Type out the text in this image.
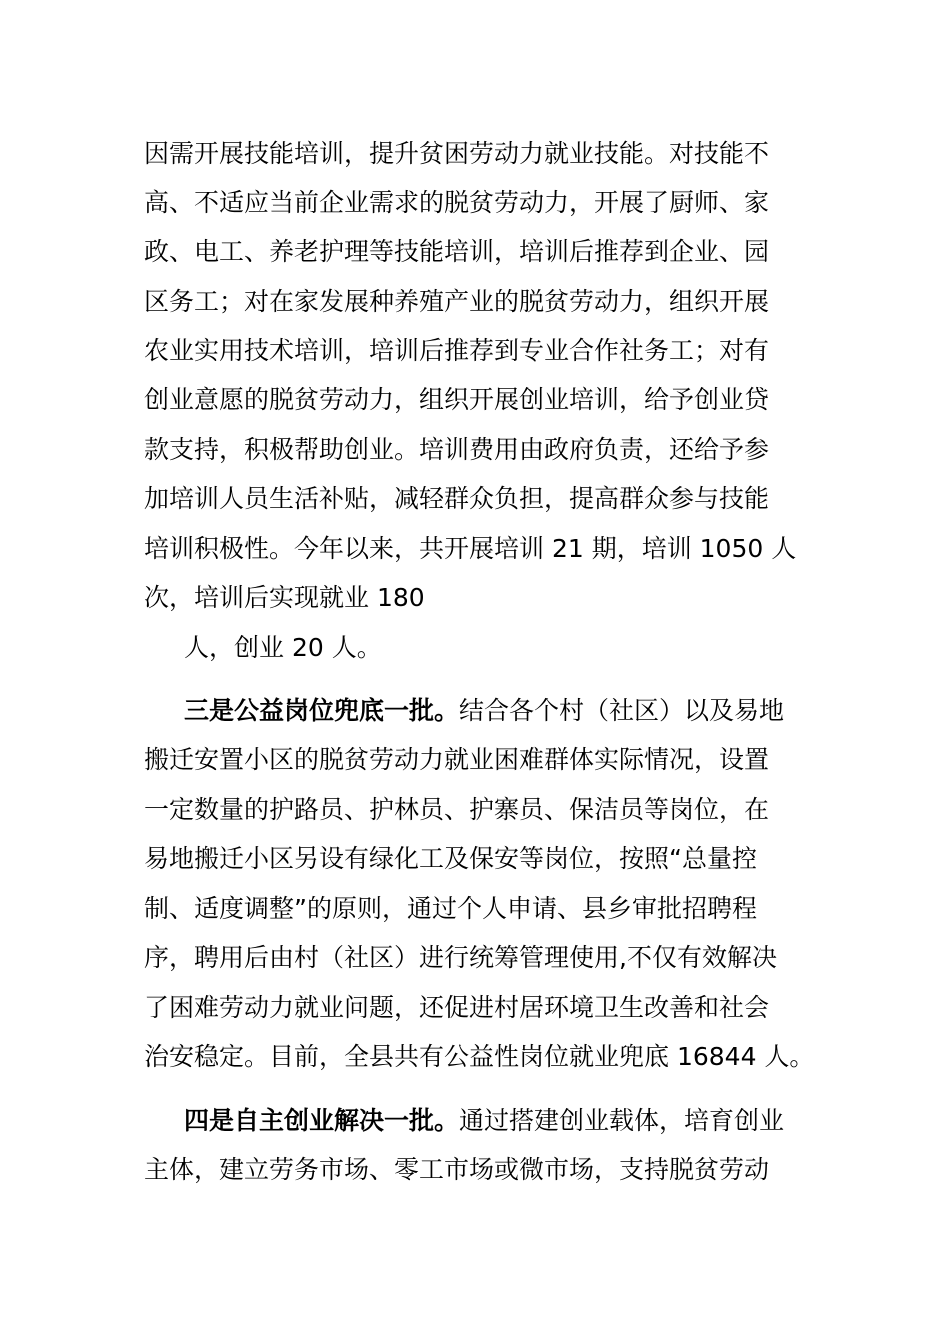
因需开展技能培训，提升贫困劳动力就业技能。对技能不
高、不适应当前企业需求的脱贫劳动力，开展了厨师、家
政、电工、养老护理等技能培训，培训后推荐到企业、园
区务工；对在家发展种养殖产业的脱贫劳动力，组织开展
农业实用技术培训，培训后推荐到专业合作社务工；对有
创业意愿的脱贫劳动力，组织开展创业培训，给予创业贷
款支持，积极帮助创业。培训费用由政府负责，还给予参
加培训人员生活补贴，减轻群众负担，提高群众参与技能
培训积极性。今年以来，共开展培训 21 期，培训 1050 人
次，培训后实现就业 180
人，创业 20 人。
三是公益岗位兜底一批。结合各个村（社区）以及易地
搬迁安置小区的脱贫劳动力就业困难群体实际情况，设置
一定数量的护路员、护林员、护寨员、保洁员等岗位，在
易地搬迁小区另设有绿化工及保安等岗位，按照“总量控
制、适度调整”的原则，通过个人申请、县乡审批招聘程
序，聘用后由村（社区）进行统筹管理使用,不仅有效解决
了困难劳动力就业问题，还促进村居环境卫生改善和社会
治安稳定。目前，全县共有公益性岗位就业兜底 16844 人。
四是自主创业解决一批。通过搭建创业载体，培育创业
主体，建立劳务市场、零工市场或微市场，支持脱贫劳动
